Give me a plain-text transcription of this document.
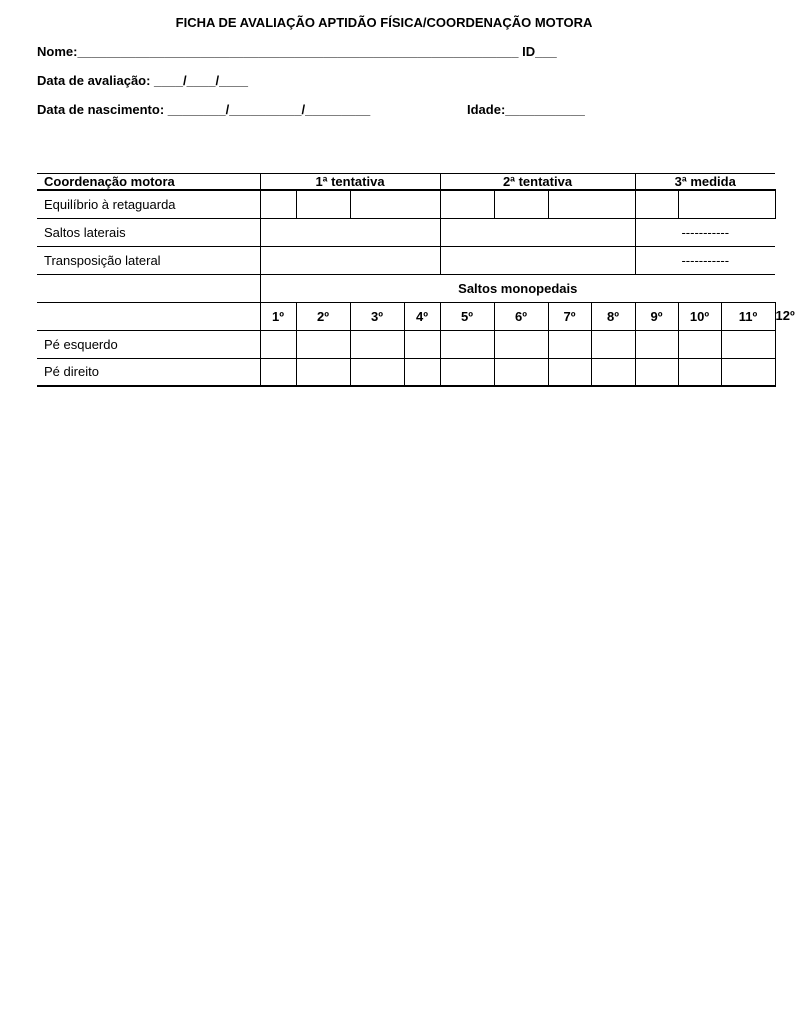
FICHA DE AVALIAÇÃO APTIDÃO FÍSICA/COORDENAÇÃO MOTORA
Nome:_____________________________________________________________ ID___
Data de avaliação: ____/____/____
Data de nascimento: ________/__________/_________	Idade:___________
Coordenação motora	1ª tentativa				2ª tentativa				3ª medida			
Equilíbrio à retaguarda												
Saltos laterais									-----------			
Transposição lateral									-----------			
	Saltos monopedais											
	1º	2º	3º	4º	5º	6º	7º	8º	9º	10º	11º	12º
Pé esquerdo												
Pé direito												
